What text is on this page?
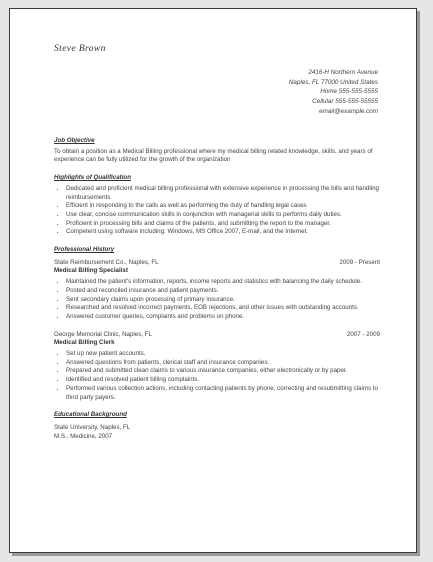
Steve Brown
2416-H Northern Avenue
Naples, FL 77000 United States
Home 555-555-5555
Cellular 555-555-55555
email@example.com
Job Objective

To obtain a position as a Medical Billing professional where my medical billing related knowledge, skills, and years of experience can be fully utilized for the growth of the organization

Highlights of Qualification
• Dedicated and proficient medical billing professional with extensive experience in processing the bills and handling reimbursements
• Efficient in responding to the calls as well as performing the duty of handling legal cases
• Use clear, concise communication skills in conjunction with managerial skills to performs daily duties.
• Proficient in processing bills and claims of the patients, and submitting the report to the manager.
• Competent using software including: Windows, MS Office 2007, E-mail, and the Internet.
Professional History
State Reimbursement Co., Naples, FL	2009 - Present
Medical Billing Specialist
• Maintained the patient's information, reports, income reports and statistics with balancing the daily schedule.
• Posted and reconciled insurance and patient payments.
• Sent secondary claims upon processing of primary insurance.
• Researched and resolved incorrect payments, EOB rejections, and other issues with outstanding accounts.
• Answered customer queries, complaints and problems on phone.
George Memorial Clinic, Naples, FL	2007 - 2009
Medical Billing Clerk
• Set up new patient accounts.
• Answered questions from patients, clerical staff and insurance companies.
• Prepared and submitted clean claims to various insurance companies, either electronically or by paper.
• Identified and resolved patient billing complaints.
• Performed various collection actions, including contacting patients by phone, correcting and resubmitting claims to third party payers.
Educational Background
State University, Naples, FL
M.S., Medicine, 2007
